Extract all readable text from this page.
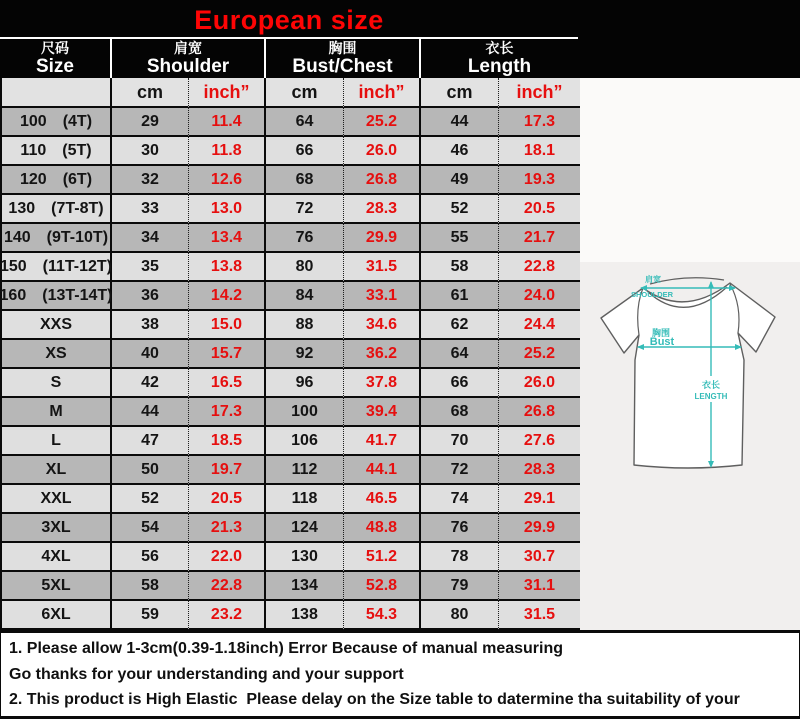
European size
尺码
Size
肩宽
Shoulder
胸围
Bust/Chest
衣长
Length
肩宽
SHOULDER
胸围
Bust
衣长
LENGTH
cm	inch”	cm	inch”	cm	inch”
100 (4T)	29	11.4	64	25.2	44	17.3
110 (5T)	30	11.8	66	26.0	46	18.1
120 (6T)	32	12.6	68	26.8	49	19.3
130 (7T-8T)	33	13.0	72	28.3	52	20.5
140 (9T-10T)	34	13.4	76	29.9	55	21.7
150 (11T-12T)	35	13.8	80	31.5	58	22.8
160 (13T-14T)	36	14.2	84	33.1	61	24.0
XXS	38	15.0	88	34.6	62	24.4
XS	40	15.7	92	36.2	64	25.2
S	42	16.5	96	37.8	66	26.0
M	44	17.3	100	39.4	68	26.8
L	47	18.5	106	41.7	70	27.6
XL	50	19.7	112	44.1	72	28.3
XXL	52	20.5	118	46.5	74	29.1
3XL	54	21.3	124	48.8	76	29.9
4XL	56	22.0	130	51.2	78	30.7
5XL	58	22.8	134	52.8	79	31.1
6XL	59	23.2	138	54.3	80	31.5
1. Please allow 1-3cm(0.39-1.18inch) Error Because of manual measuring
Go thanks for your understanding and your support
2. This product is High Elastic  Please delay on the Size table to datermine tha suitability of your
